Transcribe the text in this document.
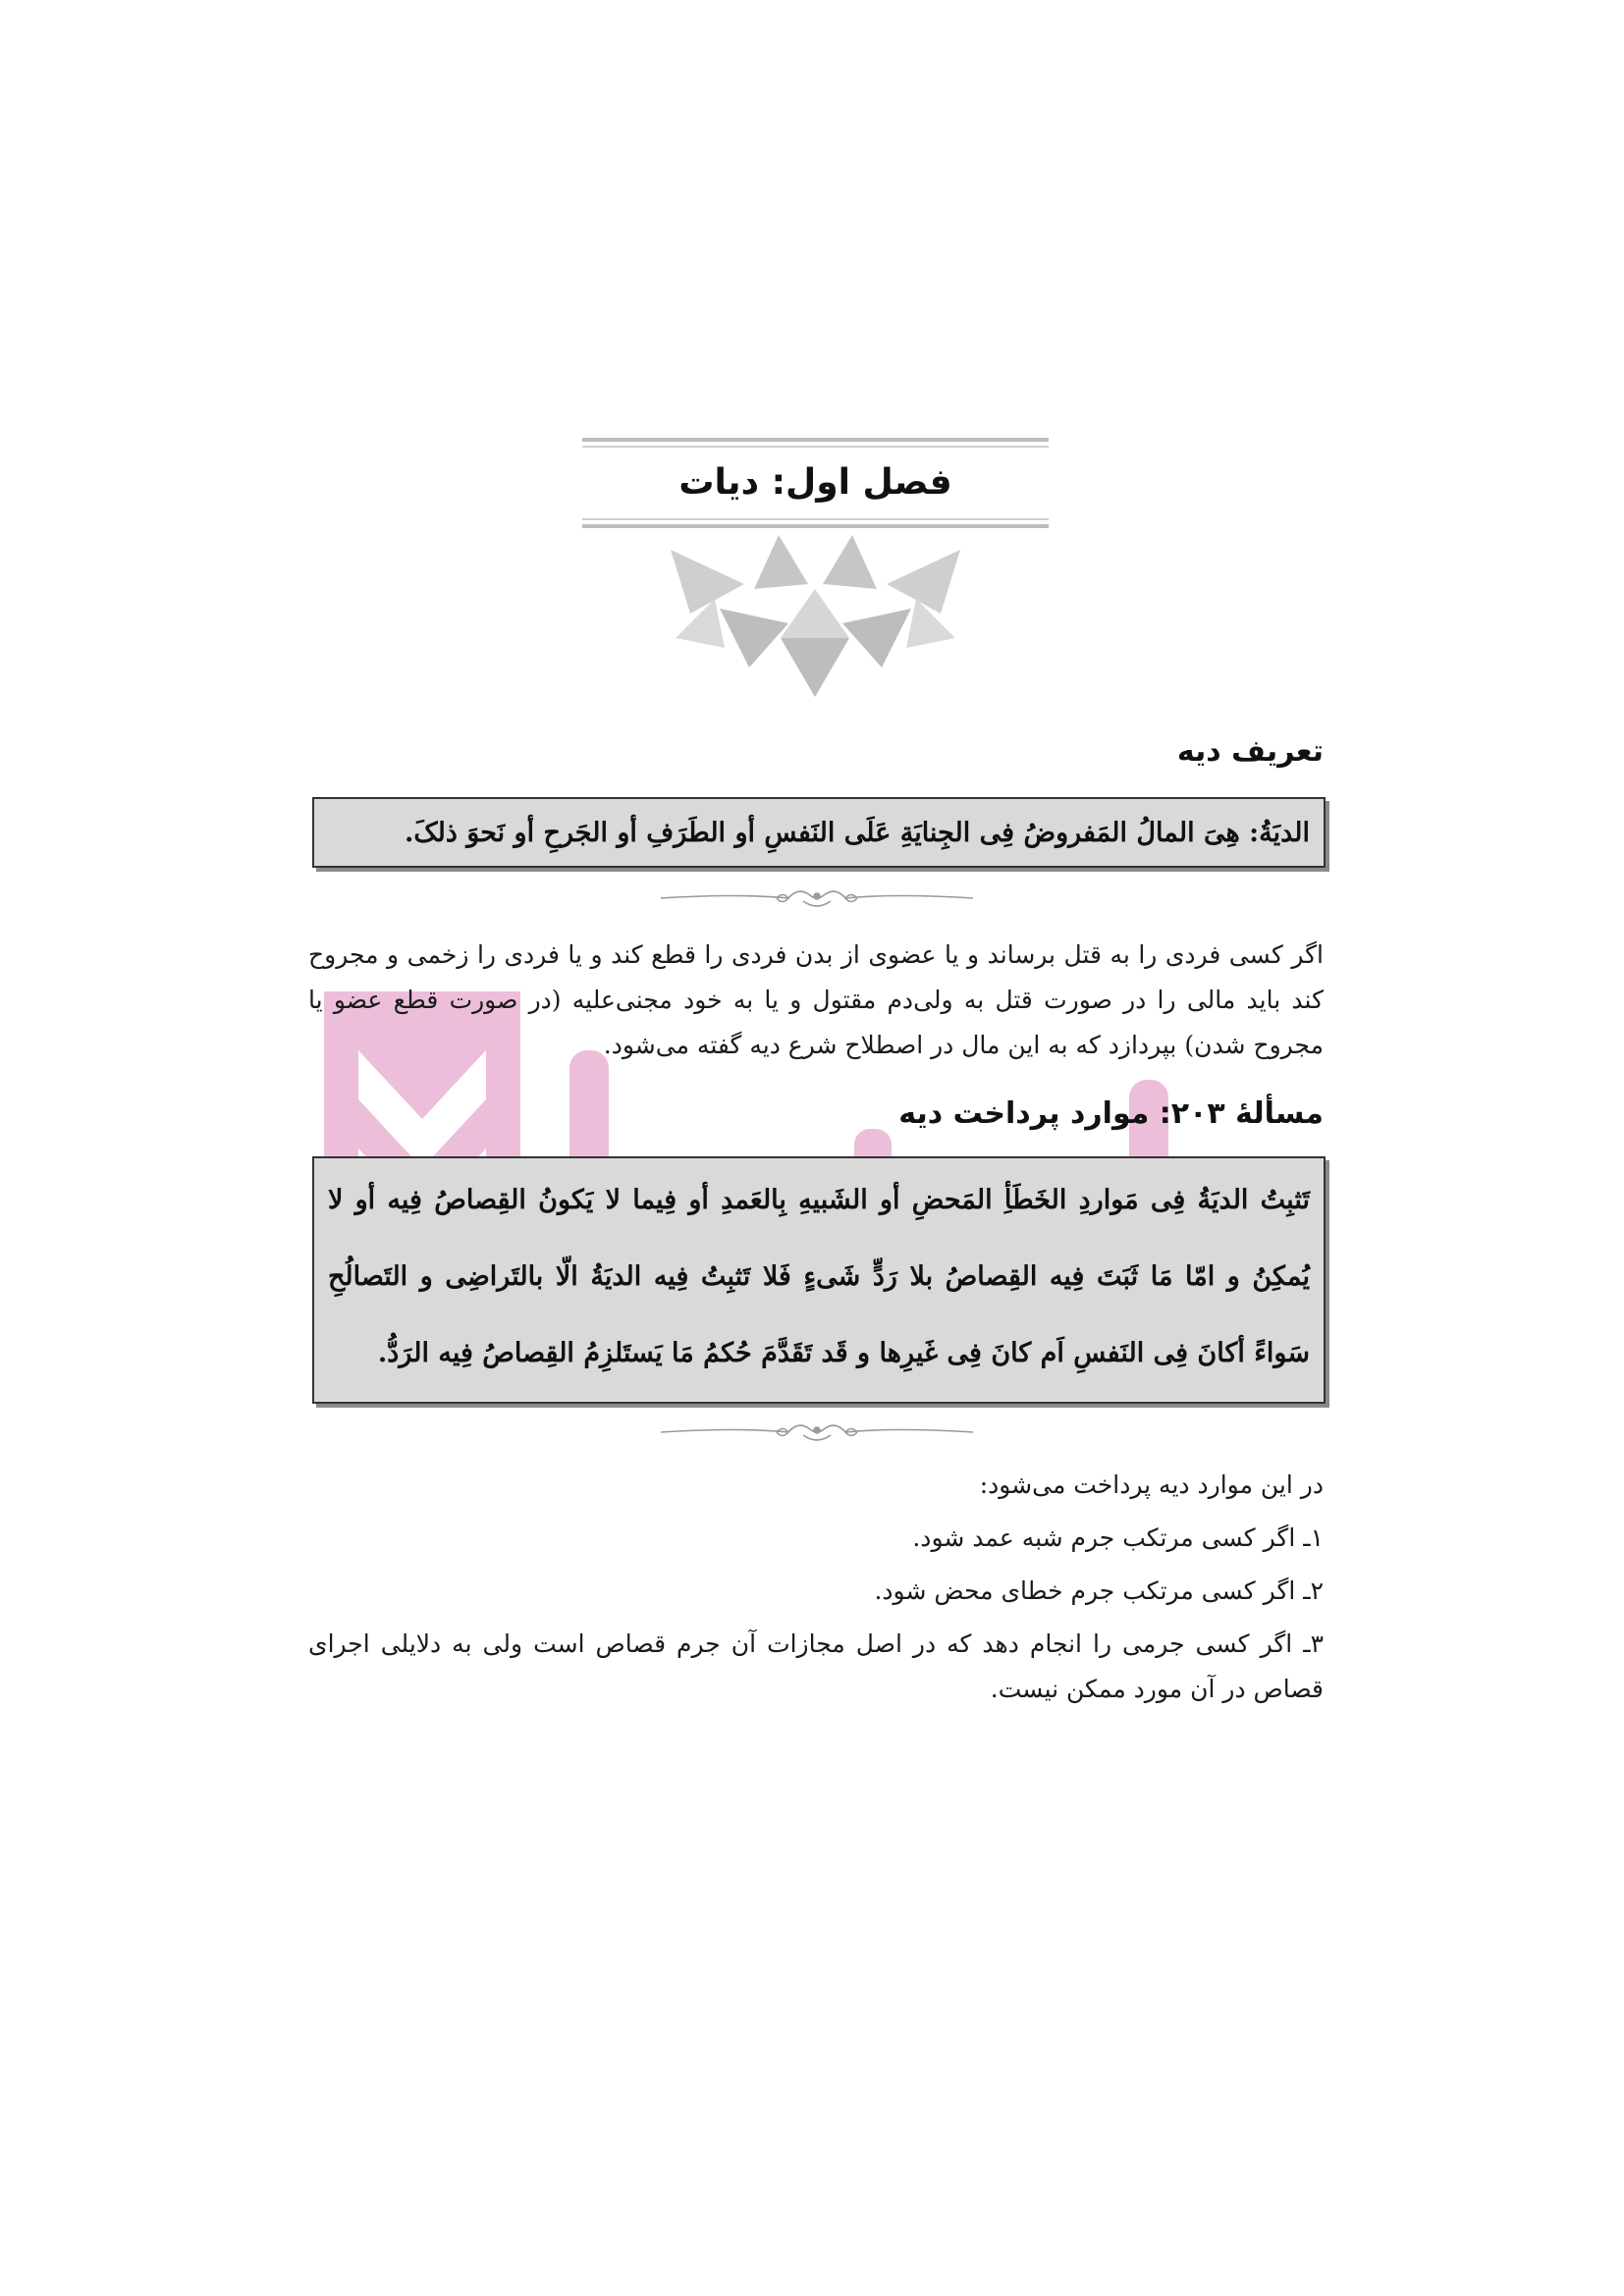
فصل اول: دیات
تعریف دیه
الدیَةُ: هِیَ المالُ المَفروضُ فِی الجِنایَةِ عَلَی النَفسِ أو الطَرَفِ أو الجَرحِ أو نَحوَ ذلکَ.
اگر کسی فردی را به قتل برساند و یا عضوی از بدن فردی را قطع کند و یا فردی را زخمی و مجروح کند باید مالی را در صورت قتل به ولی‌دم مقتول و یا به خود مجنی‌علیه (در صورت قطع عضو یا مجروح شدن) بپردازد که به این مال در اصطلاح شرع دیه گفته می‌شود.
مسألهٔ ۲۰۳: موارد پرداخت دیه
تَثبِتُ الدیَةُ فِی مَواردِ الخَطَأِ المَحضِ أو الشَبیهِ بِالعَمدِ أو فِیما لا یَکونُ القِصاصُ فِیه أو لا یُمکِنُ و امّا مَا ثَبَتَ فِیه القِصاصُ بلا رَدٍّ شَیءٍ فَلا تَثبِتُ فِیه الدیَةُ الّا بالتَراضِی و التَصالُحِ سَواءً أکانَ فِی النَفسِ اَم کانَ فِی غَیرِها و قَد تَقَدَّمَ حُکمُ مَا یَستَلزِمُ القِصاصُ فِیه الرَدُّ.
در این موارد دیه پرداخت می‌شود:
۱ـ اگر کسی مرتکب جرم شبه عمد شود.
۲ـ اگر کسی مرتکب جرم خطای محض شود.
۳ـ اگر کسی جرمی را انجام دهد که در اصل مجازات آن جرم قصاص است ولی به دلایلی اجرای قصاص در آن مورد ممکن نیست.
